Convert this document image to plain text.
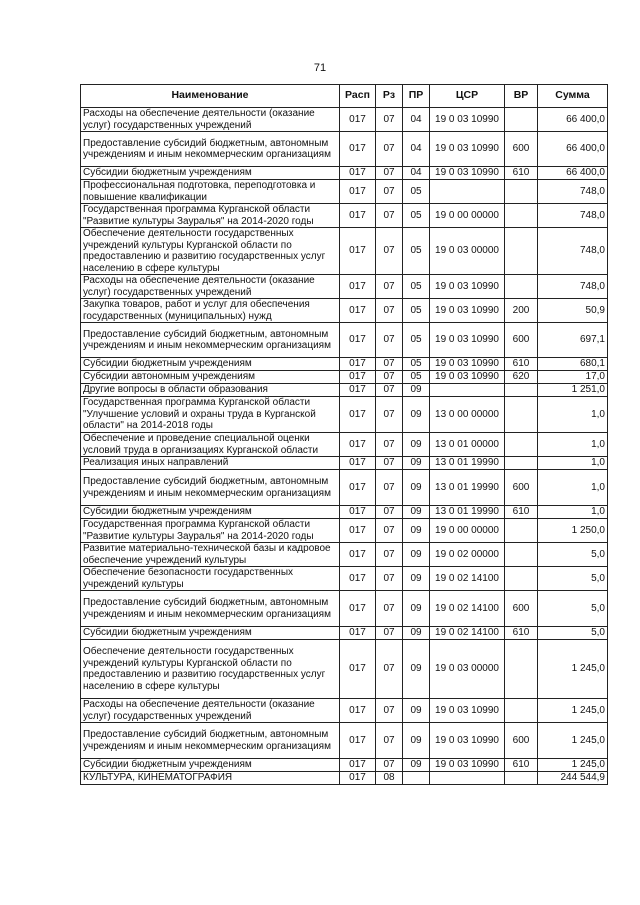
71
Наименование	Расп	Рз	ПР	ЦСР	ВР	Сумма
Расходы на обеспечение деятельности (оказание услуг) государственных учреждений	017	07	04	19 0 03 10990		66 400,0
Предоставление субсидий бюджетным, автономным учреждениям и иным некоммерческим организациям	017	07	04	19 0 03 10990	600	66 400,0
Субсидии бюджетным учреждениям	017	07	04	19 0 03 10990	610	66 400,0
Профессиональная подготовка, переподготовка и повышение квалификации	017	07	05			748,0
Государственная программа Курганской области "Развитие культуры Зауралья" на 2014-2020 годы	017	07	05	19 0 00 00000		748,0
Обеспечение деятельности государственных учреждений культуры Курганской области по предоставлению и развитию государственных услуг населению в сфере культуры	017	07	05	19 0 03 00000		748,0
Расходы на обеспечение деятельности (оказание услуг) государственных учреждений	017	07	05	19 0 03 10990		748,0
Закупка товаров, работ и услуг для обеспечения государственных (муниципальных) нужд	017	07	05	19 0 03 10990	200	50,9
Предоставление субсидий бюджетным, автономным учреждениям и иным некоммерческим организациям	017	07	05	19 0 03 10990	600	697,1
Субсидии бюджетным учреждениям	017	07	05	19 0 03 10990	610	680,1
Субсидии автономным учреждениям	017	07	05	19 0 03 10990	620	17,0
Другие вопросы в области образования	017	07	09			1 251,0
Государственная программа Курганской области "Улучшение условий и охраны труда в Курганской области" на 2014-2018 годы	017	07	09	13 0 00 00000		1,0
Обеспечение и проведение специальной оценки условий труда в организациях Курганской области	017	07	09	13 0 01 00000		1,0
Реализация иных направлений	017	07	09	13 0 01 19990		1,0
Предоставление субсидий бюджетным, автономным учреждениям и иным некоммерческим организациям	017	07	09	13 0 01 19990	600	1,0
Субсидии бюджетным учреждениям	017	07	09	13 0 01 19990	610	1,0
Государственная программа Курганской области "Развитие культуры Зауралья" на 2014-2020 годы	017	07	09	19 0 00 00000		1 250,0
Развитие материально-технической базы и кадровое обеспечение учреждений культуры	017	07	09	19 0 02 00000		5,0
Обеспечение безопасности государственных учреждений культуры	017	07	09	19 0 02 14100		5,0
Предоставление субсидий бюджетным, автономным учреждениям и иным некоммерческим организациям	017	07	09	19 0 02 14100	600	5,0
Субсидии бюджетным учреждениям	017	07	09	19 0 02 14100	610	5,0
Обеспечение деятельности государственных учреждений культуры Курганской области по предоставлению и развитию государственных услуг населению в сфере культуры	017	07	09	19 0 03 00000		1 245,0
Расходы на обеспечение деятельности (оказание услуг) государственных учреждений	017	07	09	19 0 03 10990		1 245,0
Предоставление субсидий бюджетным, автономным учреждениям и иным некоммерческим организациям	017	07	09	19 0 03 10990	600	1 245,0
Субсидии бюджетным учреждениям	017	07	09	19 0 03 10990	610	1 245,0
КУЛЬТУРА, КИНЕМАТОГРАФИЯ	017	08				244 544,9
